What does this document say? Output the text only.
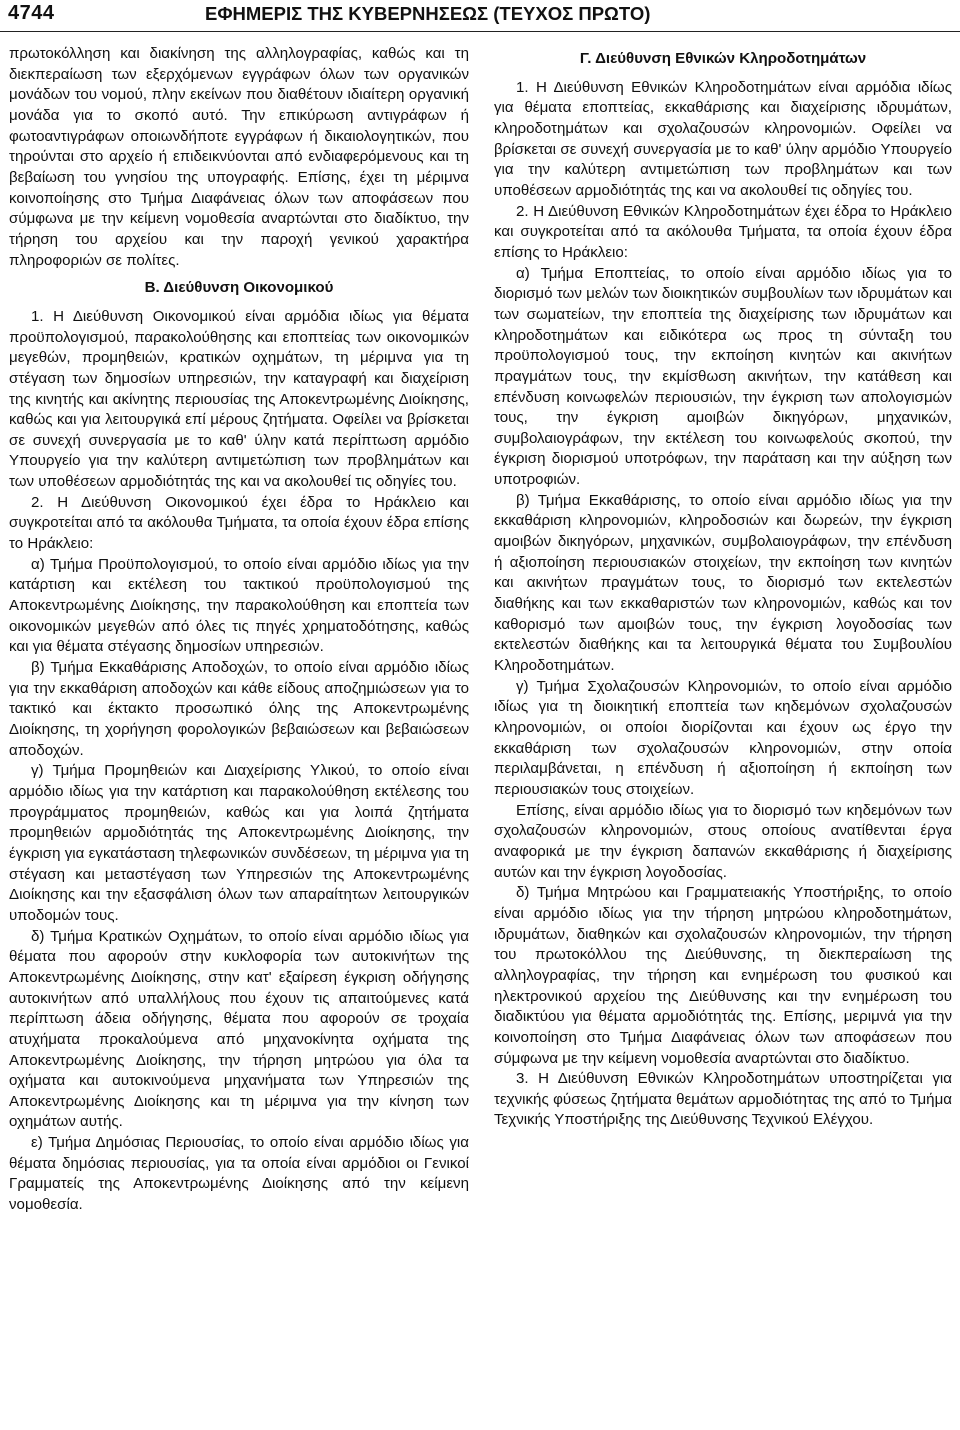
4744	ΕΦΗΜΕΡΙΣ ΤΗΣ ΚΥΒΕΡΝΗΣΕΩΣ (ΤΕΥΧΟΣ ΠΡΩΤΟ)

πρωτοκόλληση και διακίνηση της αλληλογραφίας, καθώς και τη διεκπεραίωση των εξερχόμενων εγγράφων όλων των οργανικών μονάδων του νομού, πλην εκείνων που διαθέτουν ιδιαίτερη οργανική μονάδα για το σκοπό αυτό. Την επικύρωση αντιγράφων ή φωτοαντιγράφων οποιωνδήποτε εγγράφων ή δικαιολογητικών, που τηρούνται στο αρχείο ή επιδεικνύονται από ενδιαφερόμενους και τη βεβαίωση του γνησίου της υπογραφής. Επίσης, έχει τη μέριμνα κοινοποίησης στο Τμήμα Διαφάνειας όλων των αποφάσεων που σύμφωνα με την κείμενη νομοθεσία αναρτώνται στο διαδίκτυο, την τήρηση του αρχείου και την παροχή γενικού χαρακτήρα πληροφοριών σε πολίτες.

Β. Διεύθυνση Οικονομικού

1. Η Διεύθυνση Οικονομικού είναι αρμόδια ιδίως για θέματα προϋπολογισμού, παρακολούθησης και εποπτείας των οικονομικών μεγεθών, προμηθειών, κρατικών οχημάτων, τη μέριμνα για τη στέγαση των δημοσίων υπηρεσιών, την καταγραφή και διαχείριση της κινητής και ακίνητης περιουσίας της Αποκεντρωμένης Διοίκησης, καθώς και για λειτουργικά επί μέρους ζητήματα. Οφείλει να βρίσκεται σε συνεχή συνεργασία με το καθ' ύλην κατά περίπτωση αρμόδιο Υπουργείο για την καλύτερη αντιμετώπιση των προβλημάτων και των υποθέσεων αρμοδιότητάς της και να ακολουθεί τις οδηγίες του.

2. Η Διεύθυνση Οικονομικού έχει έδρα το Ηράκλειο και συγκροτείται από τα ακόλουθα Τμήματα, τα οποία έχουν έδρα επίσης το Ηράκλειο:

α) Τμήμα Προϋπολογισμού, το οποίο είναι αρμόδιο ιδίως για την κατάρτιση και εκτέλεση του τακτικού προϋπολογισμού της Αποκεντρωμένης Διοίκησης, την παρακολούθηση και εποπτεία των οικονομικών μεγεθών από όλες τις πηγές χρηματοδότησης, καθώς και για θέματα στέγασης δημοσίων υπηρεσιών.

β) Τμήμα Εκκαθάρισης Αποδοχών, το οποίο είναι αρμόδιο ιδίως για την εκκαθάριση αποδοχών και κάθε είδους αποζημιώσεων για το τακτικό και έκτακτο προσωπικό όλης της Αποκεντρωμένης Διοίκησης, τη χορήγηση φορολογικών βεβαιώσεων και βεβαιώσεων αποδοχών.

γ) Τμήμα Προμηθειών και Διαχείρισης Υλικού, το οποίο είναι αρμόδιο ιδίως για την κατάρτιση και παρακολούθηση εκτέλεσης του προγράμματος προμηθειών, καθώς και για λοιπά ζητήματα προμηθειών αρμοδιότητάς της Αποκεντρωμένης Διοίκησης, την έγκριση για εγκατάσταση τηλεφωνικών συνδέσεων, τη μέριμνα για τη στέγαση και μεταστέγαση των Υπηρεσιών της Αποκεντρωμένης Διοίκησης και την εξασφάλιση όλων των απαραίτητων λειτουργικών υποδομών τους.

δ) Τμήμα Κρατικών Οχημάτων, το οποίο είναι αρμόδιο ιδίως για θέματα που αφορούν στην κυκλοφορία των αυτοκινήτων της Αποκεντρωμένης Διοίκησης, στην κατ' εξαίρεση έγκριση οδήγησης αυτοκινήτων από υπαλλήλους που έχουν τις απαιτούμενες κατά περίπτωση άδεια οδήγησης, θέματα που αφορούν σε τροχαία ατυχήματα προκαλούμενα από μηχανοκίνητα οχήματα της Αποκεντρωμένης Διοίκησης, την τήρηση μητρώου για όλα τα οχήματα και αυτοκινούμενα μηχανήματα των Υπηρεσιών της Αποκεντρωμένης Διοίκησης και τη μέριμνα για την κίνηση των οχημάτων αυτής.

ε) Τμήμα Δημόσιας Περιουσίας, το οποίο είναι αρμόδιο ιδίως για θέματα δημόσιας περιουσίας, για τα οποία είναι αρμόδιοι οι Γενικοί Γραμματείς της Αποκεντρωμένης Διοίκησης από την κείμενη νομοθεσία.

Γ. Διεύθυνση Εθνικών Κληροδοτημάτων

1. Η Διεύθυνση Εθνικών Κληροδοτημάτων είναι αρμόδια ιδίως για θέματα εποπτείας, εκκαθάρισης και διαχείρισης ιδρυμάτων, κληροδοτημάτων και σχολαζουσών κληρονομιών. Οφείλει να βρίσκεται σε συνεχή συνεργασία με το καθ' ύλην αρμόδιο Υπουργείο για την καλύτερη αντιμετώπιση των προβλημάτων και των υποθέσεων αρμοδιότητάς της και να ακολουθεί τις οδηγίες του.

2. Η Διεύθυνση Εθνικών Κληροδοτημάτων έχει έδρα το Ηράκλειο και συγκροτείται από τα ακόλουθα Τμήματα, τα οποία έχουν έδρα επίσης το Ηράκλειο:

α) Τμήμα Εποπτείας, το οποίο είναι αρμόδιο ιδίως για το διορισμό των μελών των διοικητικών συμβουλίων των ιδρυμάτων και των σωματείων, την εποπτεία της διαχείρισης των ιδρυμάτων και κληροδοτημάτων και ειδικότερα ως προς τη σύνταξη του προϋπολογισμού τους, την εκποίηση κινητών και ακινήτων πραγμάτων τους, την εκμίσθωση ακινήτων, την κατάθεση και επένδυση κοινωφελών περιουσιών, την έγκριση των απολογισμών τους, την έγκριση αμοιβών δικηγόρων, μηχανικών, συμβολαιογράφων, την εκτέλεση του κοινωφελούς σκοπού, την έγκριση διορισμού υποτρόφων, την παράταση και την αύξηση των υποτροφιών.

β) Τμήμα Εκκαθάρισης, το οποίο είναι αρμόδιο ιδίως για την εκκαθάριση κληρονομιών, κληροδοσιών και δωρεών, την έγκριση αμοιβών δικηγόρων, μηχανικών, συμβολαιογράφων, την επένδυση ή αξιοποίηση περιουσιακών στοιχείων, την εκποίηση των κινητών και ακινήτων πραγμάτων τους, το διορισμό των εκτελεστών διαθήκης και των εκκαθαριστών των κληρονομιών, καθώς και τον καθορισμό των αμοιβών τους, την έγκριση λογοδοσίας των εκτελεστών διαθήκης και τα λειτουργικά θέματα του Συμβουλίου Κληροδοτημάτων.

γ) Τμήμα Σχολαζουσών Κληρονομιών, το οποίο είναι αρμόδιο ιδίως για τη διοικητική εποπτεία των κηδεμόνων σχολαζουσών κληρονομιών, οι οποίοι διορίζονται και έχουν ως έργο την εκκαθάριση των σχολαζουσών κληρονομιών, στην οποία περιλαμβάνεται, η επένδυση ή αξιοποίηση ή εκποίηση των περιουσιακών τους στοιχείων.

Επίσης, είναι αρμόδιο ιδίως για το διορισμό των κηδεμόνων των σχολαζουσών κληρονομιών, στους οποίους ανατίθενται έργα αναφορικά με την έγκριση δαπανών εκκαθάρισης ή διαχείρισης αυτών και την έγκριση λογοδοσίας.

δ) Τμήμα Μητρώου και Γραμματειακής Υποστήριξης, το οποίο είναι αρμόδιο ιδίως για την τήρηση μητρώου κληροδοτημάτων, ιδρυμάτων, διαθηκών και σχολαζουσών κληρονομιών, την τήρηση του πρωτοκόλλου της Διεύθυνσης, τη διεκπεραίωση της αλληλογραφίας, την τήρηση και ενημέρωση του φυσικού και ηλεκτρονικού αρχείου της Διεύθυνσης και την ενημέρωση του διαδικτύου για θέματα αρμοδιότητάς της. Επίσης, μεριμνά για την κοινοποίηση στο Τμήμα Διαφάνειας όλων των αποφάσεων που σύμφωνα με την κείμενη νομοθεσία αναρτώνται στο διαδίκτυο.

3. Η Διεύθυνση Εθνικών Κληροδοτημάτων υποστηρίζεται για τεχνικής φύσεως ζητήματα θεμάτων αρμοδιότητας της από το Τμήμα Τεχνικής Υποστήριξης της Διεύθυνσης Τεχνικού Ελέγχου.
